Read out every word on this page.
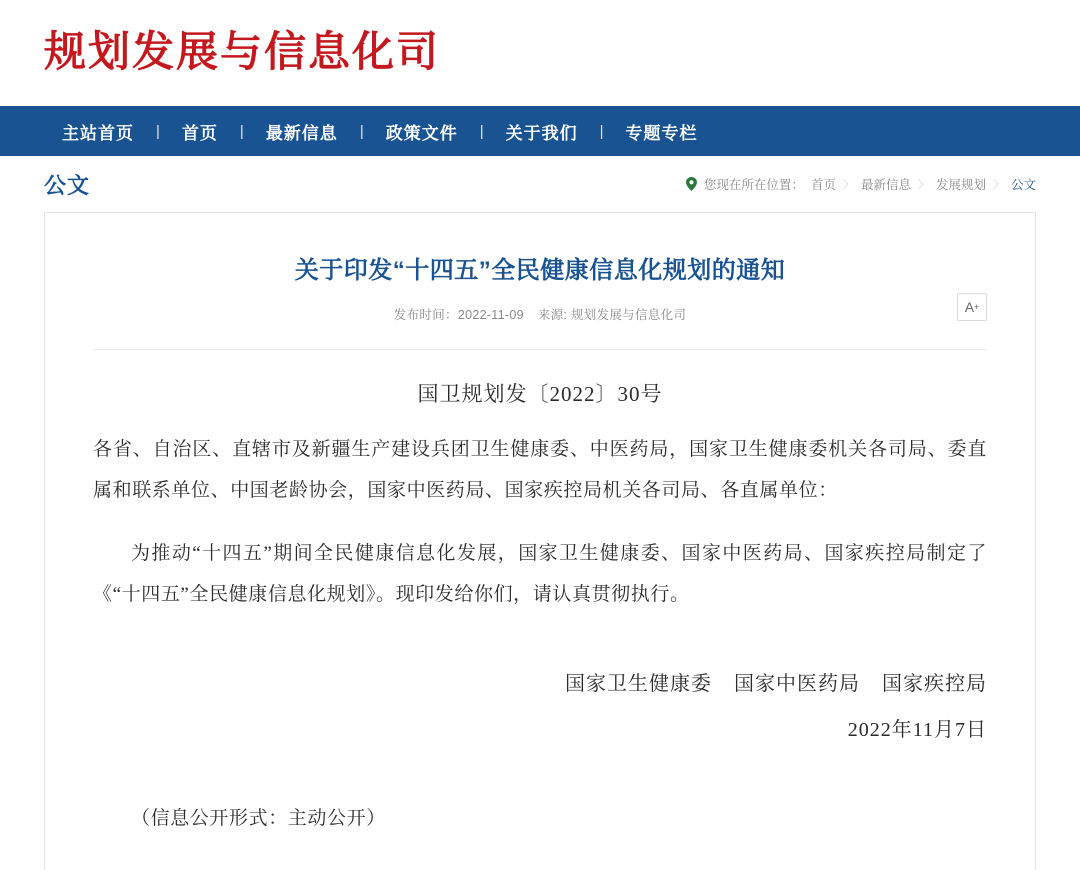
规划发展与信息化司
主站首页	|	首页	|	最新信息	|	政策文件	|	关于我们	|	专题专栏
公文	您现在所在位置： 首页 〉 最新信息 〉 发展规划 〉 公文
关于印发“十四五”全民健康信息化规划的通知
发布时间：2022-11-09 来源: 规划发展与信息化司	A +
国卫规划发〔2022〕30号
各省、自治区、直辖市及新疆生产建设兵团卫生健康委、中医药局，国家卫生健康委机关各司局、委直属和联系单位、中国老龄协会，国家中医药局、国家疾控局机关各司局、各直属单位：
为推动“十四五”期间全民健康信息化发展，国家卫生健康委、国家中医药局、国家疾控局制定了《“十四五”全民健康信息化规划》。现印发给你们，请认真贯彻执行。
国家卫生健康委 国家中医药局 国家疾控局
2022年11月7日
（信息公开形式：主动公开）
